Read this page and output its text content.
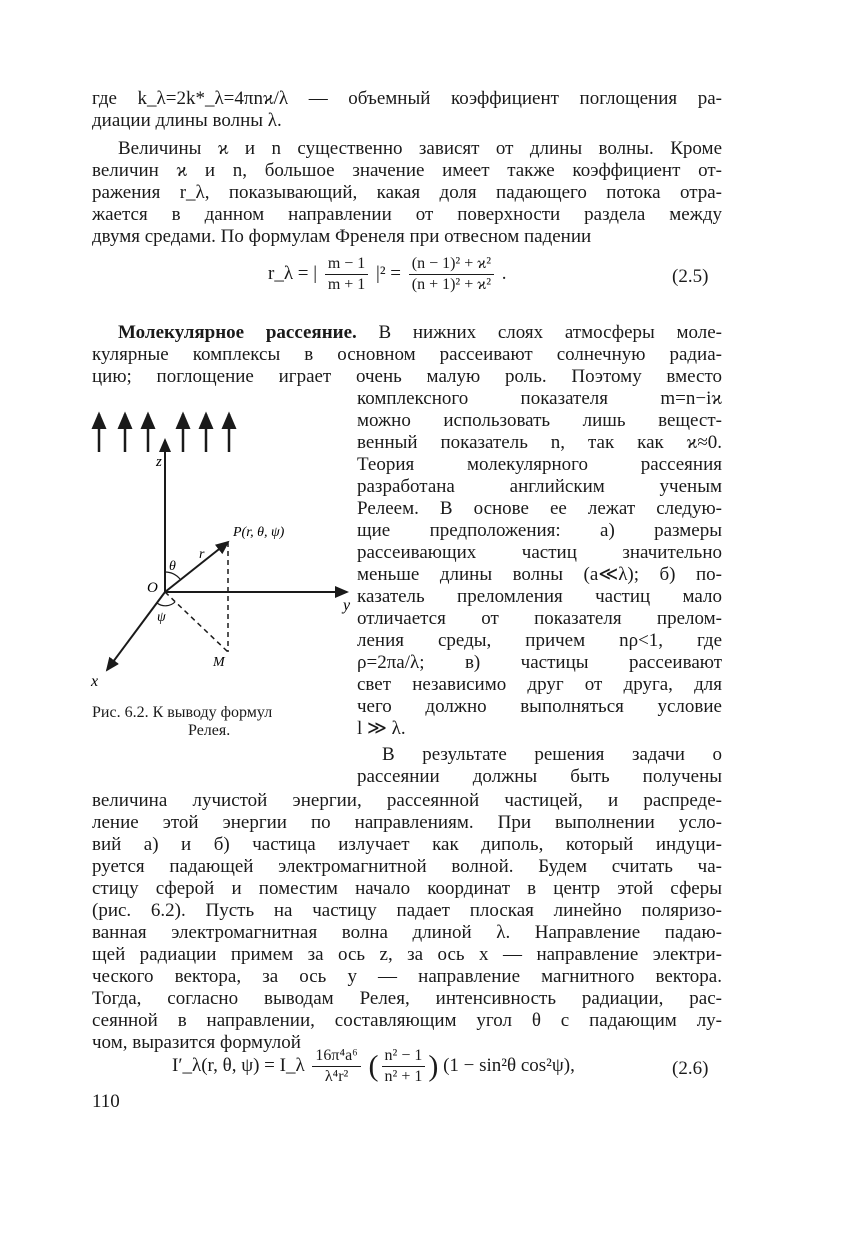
где k_λ=2k*_λ=4πnϰ/λ — объемный коэффициент поглощения ра-
диации длины волны λ.
Величины ϰ и n существенно зависят от длины волны. Кроме
величин ϰ и n, большое значение имеет также коэффициент от-
ражения r_λ, показывающий, какая доля падающего потока отра-
жается в данном направлении от поверхности раздела между
двумя средами. По формулам Френеля при отвесном падении
r_λ = | $\frac{m - 1}{m + 1} |^2 = \frac{\text{(n − 1)² + ϰ²}}{\text{(n + 1)² + ϰ²}}$ .	(2.5)
Молекулярное рассеяние. В нижних слоях атмосферы моле-
кулярные комплексы в основном рассеивают солнечную радиа-
цию; поглощение играет очень малую роль. Поэтому вместо
комплексного показателя m=n−iϰ
можно использовать лишь вещест-
венный показатель n, так как ϰ≈0.
Теория молекулярного рассеяния
разработана английским ученым
Релеем. В основе ее лежат следую-
щие предположения: а) размеры
рассеивающих частиц значительно
меньше длины волны (a≪λ); б) по-
казатель преломления частиц мало
отличается от показателя прелом-
ления среды, причем nρ<1, где
ρ=2πa/λ; в) частицы рассеивают
свет независимо друг от друга, для
чего должно выполняться условие
l ≫ λ.
В результате решения задачи о
рассеянии должны быть получены
величина лучистой энергии, рассеянной частицей, и распреде-
ление этой энергии по направлениям. При выполнении усло-
вий а) и б) частица излучает как диполь, который индуци-
руется падающей электромагнитной волной. Будем считать ча-
стицу сферой и поместим начало координат в центр этой сферы
(рис. 6.2). Пусть на частицу падает плоская линейно поляризо-
ванная электромагнитная волна длиной λ. Направление падаю-
щей радиации примем за ось z, за ось x — направление электри-
ческого вектора, за ось y — направление магнитного вектора.
Тогда, согласно выводам Релея, интенсивность радиации, рас-
сеянной в направлении, составляющим угол θ с падающим лу-
чом, выразится формулой
I′_λ(r, θ, ψ) = I_λ $\frac{\text{16π⁴a⁶}}{\text{λ⁴r²}}$ ( $\frac{\text{n² − 1}}{\text{n² + 1}}$ ) (1 − sin²θ cos²ψ),	(2.6)
z
y
x
O
θ
ψ
r
M
P(r, θ, ψ)
Рис. 6.2. К выводу формул
Релея.
110
